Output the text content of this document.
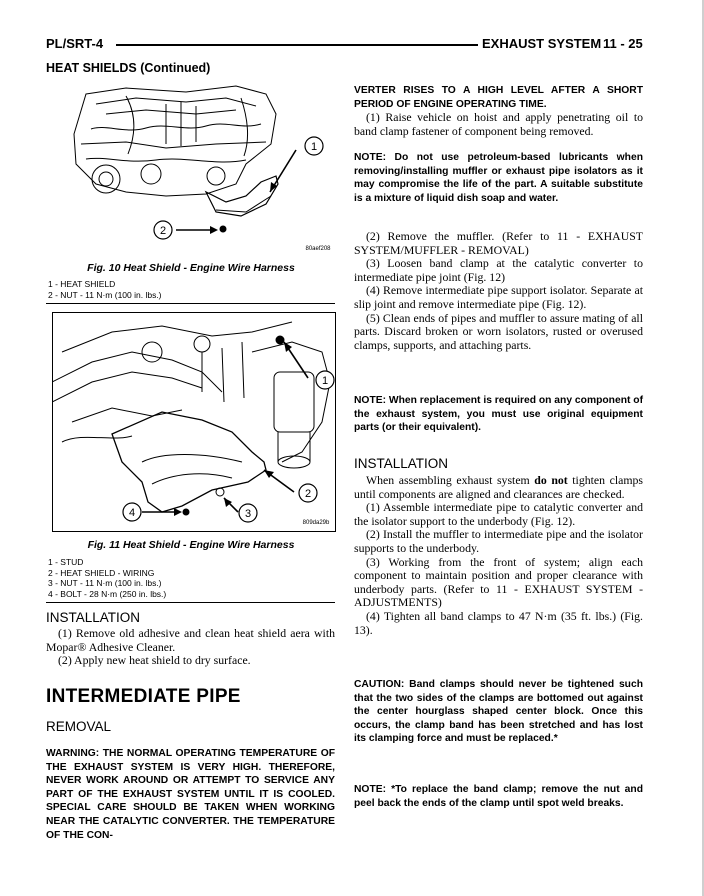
PL/SRT-4	EXHAUST SYSTEM 11 - 25
HEAT SHIELDS (Continued)
1
2
80aef208
Fig. 10 Heat Shield - Engine Wire Harness
1 - HEAT SHIELD
2 - NUT - 11 N·m (100 in. lbs.)
1
2
3
4
809da29b
Fig. 11 Heat Shield - Engine Wire Harness
1 - STUD
2 - HEAT SHIELD - WIRING
3 - NUT - 11 N·m (100 in. lbs.)
4 - BOLT - 28 N·m (250 in. lbs.)
INSTALLATION

(1) Remove old adhesive and clean heat shield aera with Mopar® Adhesive Cleaner.

(2) Apply new heat shield to dry surface.

INTERMEDIATE PIPE
REMOVAL
WARNING: THE NORMAL OPERATING TEMPERATURE OF THE EXHAUST SYSTEM IS VERY HIGH. THEREFORE, NEVER WORK AROUND OR ATTEMPT TO SERVICE ANY PART OF THE EXHAUST SYSTEM UNTIL IT IS COOLED. SPECIAL CARE SHOULD BE TAKEN WHEN WORKING NEAR THE CATALYTIC CONVERTER. THE TEMPERATURE OF THE CON-
VERTER RISES TO A HIGH LEVEL AFTER A SHORT PERIOD OF ENGINE OPERATING TIME.

(1) Raise vehicle on hoist and apply penetrating oil to band clamp fastener of component being removed.

NOTE: Do not use petroleum-based lubricants when removing/installing muffler or exhaust pipe isolators as it may compromise the life of the part. A suitable substitute is a mixture of liquid dish soap and water.

(2) Remove the muffler. (Refer to 11 - EXHAUST SYSTEM/MUFFLER - REMOVAL)

(3) Loosen band clamp at the catalytic converter to intermediate pipe joint (Fig. 12)

(4) Remove intermediate pipe support isolator. Separate at slip joint and remove intermediate pipe (Fig. 12).

(5) Clean ends of pipes and muffler to assure mating of all parts. Discard broken or worn isolators, rusted or overused clamps, supports, and attaching parts.

NOTE: When replacement is required on any component of the exhaust system, you must use original equipment parts (or their equivalent).
INSTALLATION

When assembling exhaust system do not tighten clamps until components are aligned and clearances are checked.

(1) Assemble intermediate pipe to catalytic converter and the isolator support to the underbody (Fig. 12).

(2) Install the muffler to intermediate pipe and the isolator supports to the underbody.

(3) Working from the front of system; align each component to maintain position and proper clearance with underbody parts. (Refer to 11 - EXHAUST SYSTEM - ADJUSTMENTS)

(4) Tighten all band clamps to 47 N·m (35 ft. lbs.) (Fig. 13).

CAUTION: Band clamps should never be tightened such that the two sides of the clamps are bottomed out against the center hourglass shaped center block. Once this occurs, the clamp band has been stretched and has lost its clamping force and must be replaced.*
NOTE: *To replace the band clamp; remove the nut and peel back the ends of the clamp until spot weld breaks.
